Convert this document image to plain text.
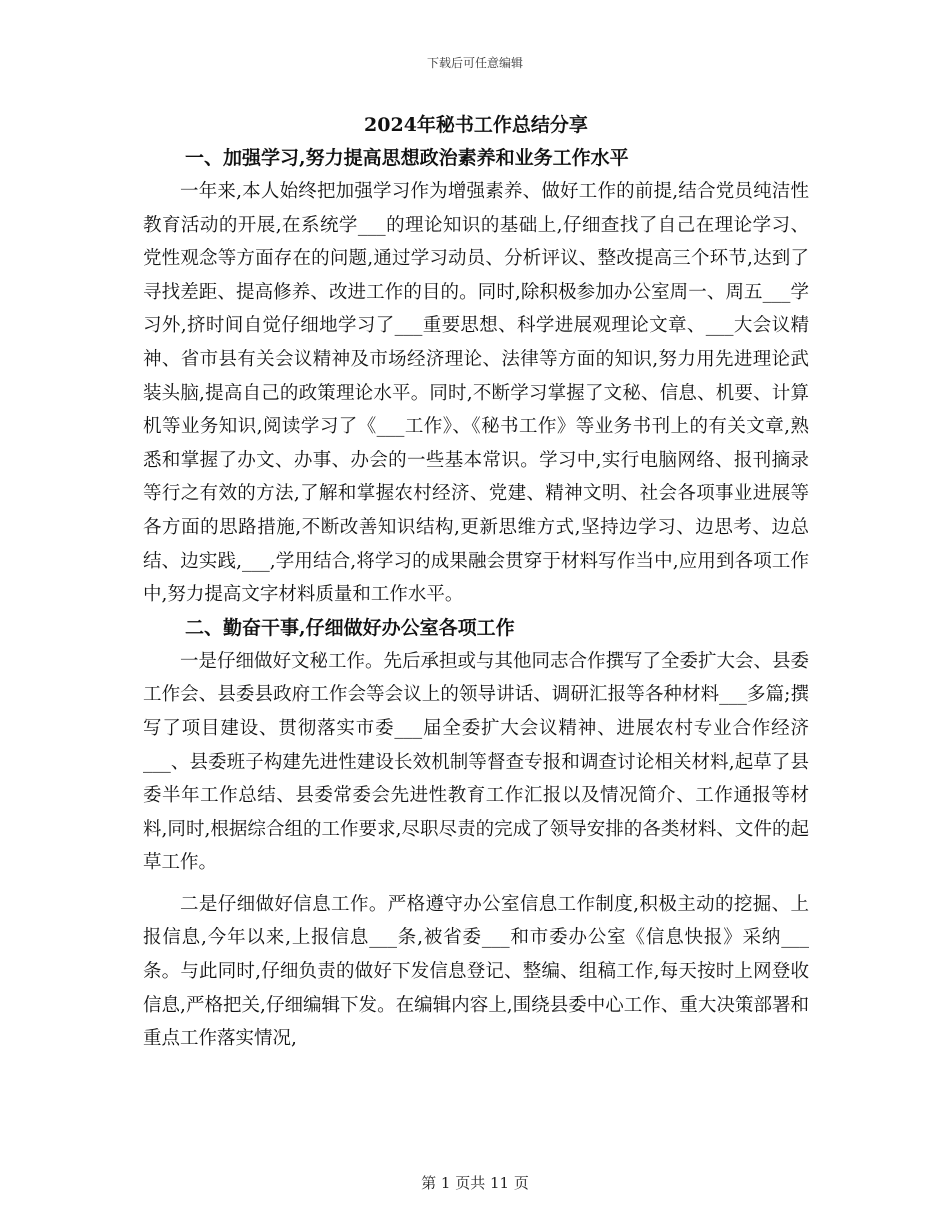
下载后可任意编辑
2024年秘书工作总结分享
一、加强学习,努力提高思想政治素养和业务工作水平

一年来,本人始终把加强学习作为增强素养、做好工作的前提,结合党员纯洁性教育活动的开展,在系统学___的理论知识的基础上,仔细查找了自己在理论学习、党性观念等方面存在的问题,通过学习动员、分析评议、整改提高三个环节,达到了寻找差距、提高修养、改进工作的目的。同时,除积极参加办公室周一、周五___学习外,挤时间自觉仔细地学习了___重要思想、科学进展观理论文章、___大会议精神、省市县有关会议精神及市场经济理论、法律等方面的知识,努力用先进理论武装头脑,提高自己的政策理论水平。同时,不断学习掌握了文秘、信息、机要、计算机等业务知识,阅读学习了《___工作》、《秘书工作》等业务书刊上的有关文章,熟悉和掌握了办文、办事、办会的一些基本常识。学习中,实行电脑网络、报刊摘录等行之有效的方法,了解和掌握农村经济、党建、精神文明、社会各项事业进展等各方面的思路措施,不断改善知识结构,更新思维方式,坚持边学习、边思考、边总结、边实践,___,学用结合,将学习的成果融会贯穿于材料写作当中,应用到各项工作中,努力提高文字材料质量和工作水平。

二、勤奋干事,仔细做好办公室各项工作

一是仔细做好文秘工作。先后承担或与其他同志合作撰写了全委扩大会、县委工作会、县委县政府工作会等会议上的领导讲话、调研汇报等各种材料___多篇;撰写了项目建设、贯彻落实市委___届全委扩大会议精神、进展农村专业合作经济___、县委班子构建先进性建设长效机制等督查专报和调查讨论相关材料,起草了县委半年工作总结、县委常委会先进性教育工作汇报以及情况简介、工作通报等材料,同时,根据综合组的工作要求,尽职尽责的完成了领导安排的各类材料、文件的起草工作。

二是仔细做好信息工作。严格遵守办公室信息工作制度,积极主动的挖掘、上报信息,今年以来,上报信息___条,被省委___和市委办公室《信息快报》采纳___条。与此同时,仔细负责的做好下发信息登记、整编、组稿工作,每天按时上网登收信息,严格把关,仔细编辑下发。在编辑内容上,围绕县委中心工作、重大决策部署和重点工作落实情况,

第 1 页共 11 页
